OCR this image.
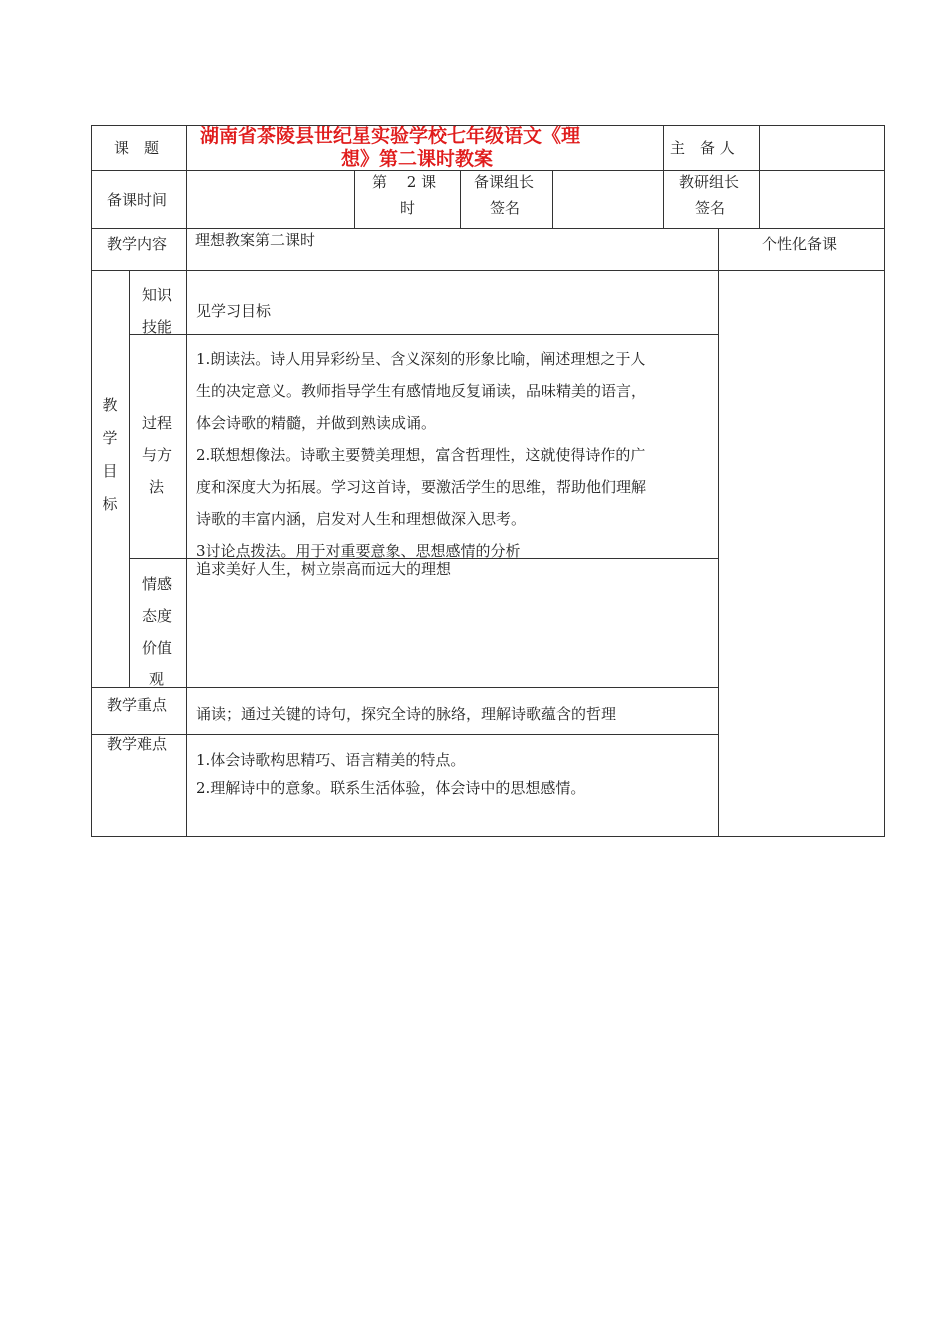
课　题
湖南省茶陵县世纪星实验学校七年级语文《理
想》第二课时教案	主　备 人
备课时间
第　 2 课
时
备课组长
签名
教研组长
签名
教学内容 理想教案第二课时	个性化备课
教
学
目
标
知识
技能
见学习目标
过程
与方
法
1.朗读法。诗人用异彩纷呈、含义深刻的形象比喻，阐述理想之于人
生的决定意义。教师指导学生有感情地反复诵读，品味精美的语言，
体会诗歌的精髓，并做到熟读成诵。
2.联想想像法。诗歌主要赞美理想，富含哲理性，这就使得诗作的广
度和深度大为拓展。学习这首诗，要激活学生的思维，帮助他们理解
诗歌的丰富内涵，启发对人生和理想做深入思考。
3讨论点拨法。用于对重要意象、思想感情的分析
情感
态度
价值
观
追求美好人生，树立崇高而远大的理想
教学重点 诵读；通过关键的诗句，探究全诗的脉络，理解诗歌蕴含的哲理
教学难点
1.体会诗歌构思精巧、语言精美的特点。
2.理解诗中的意象。联系生活体验，体会诗中的思想感情。
